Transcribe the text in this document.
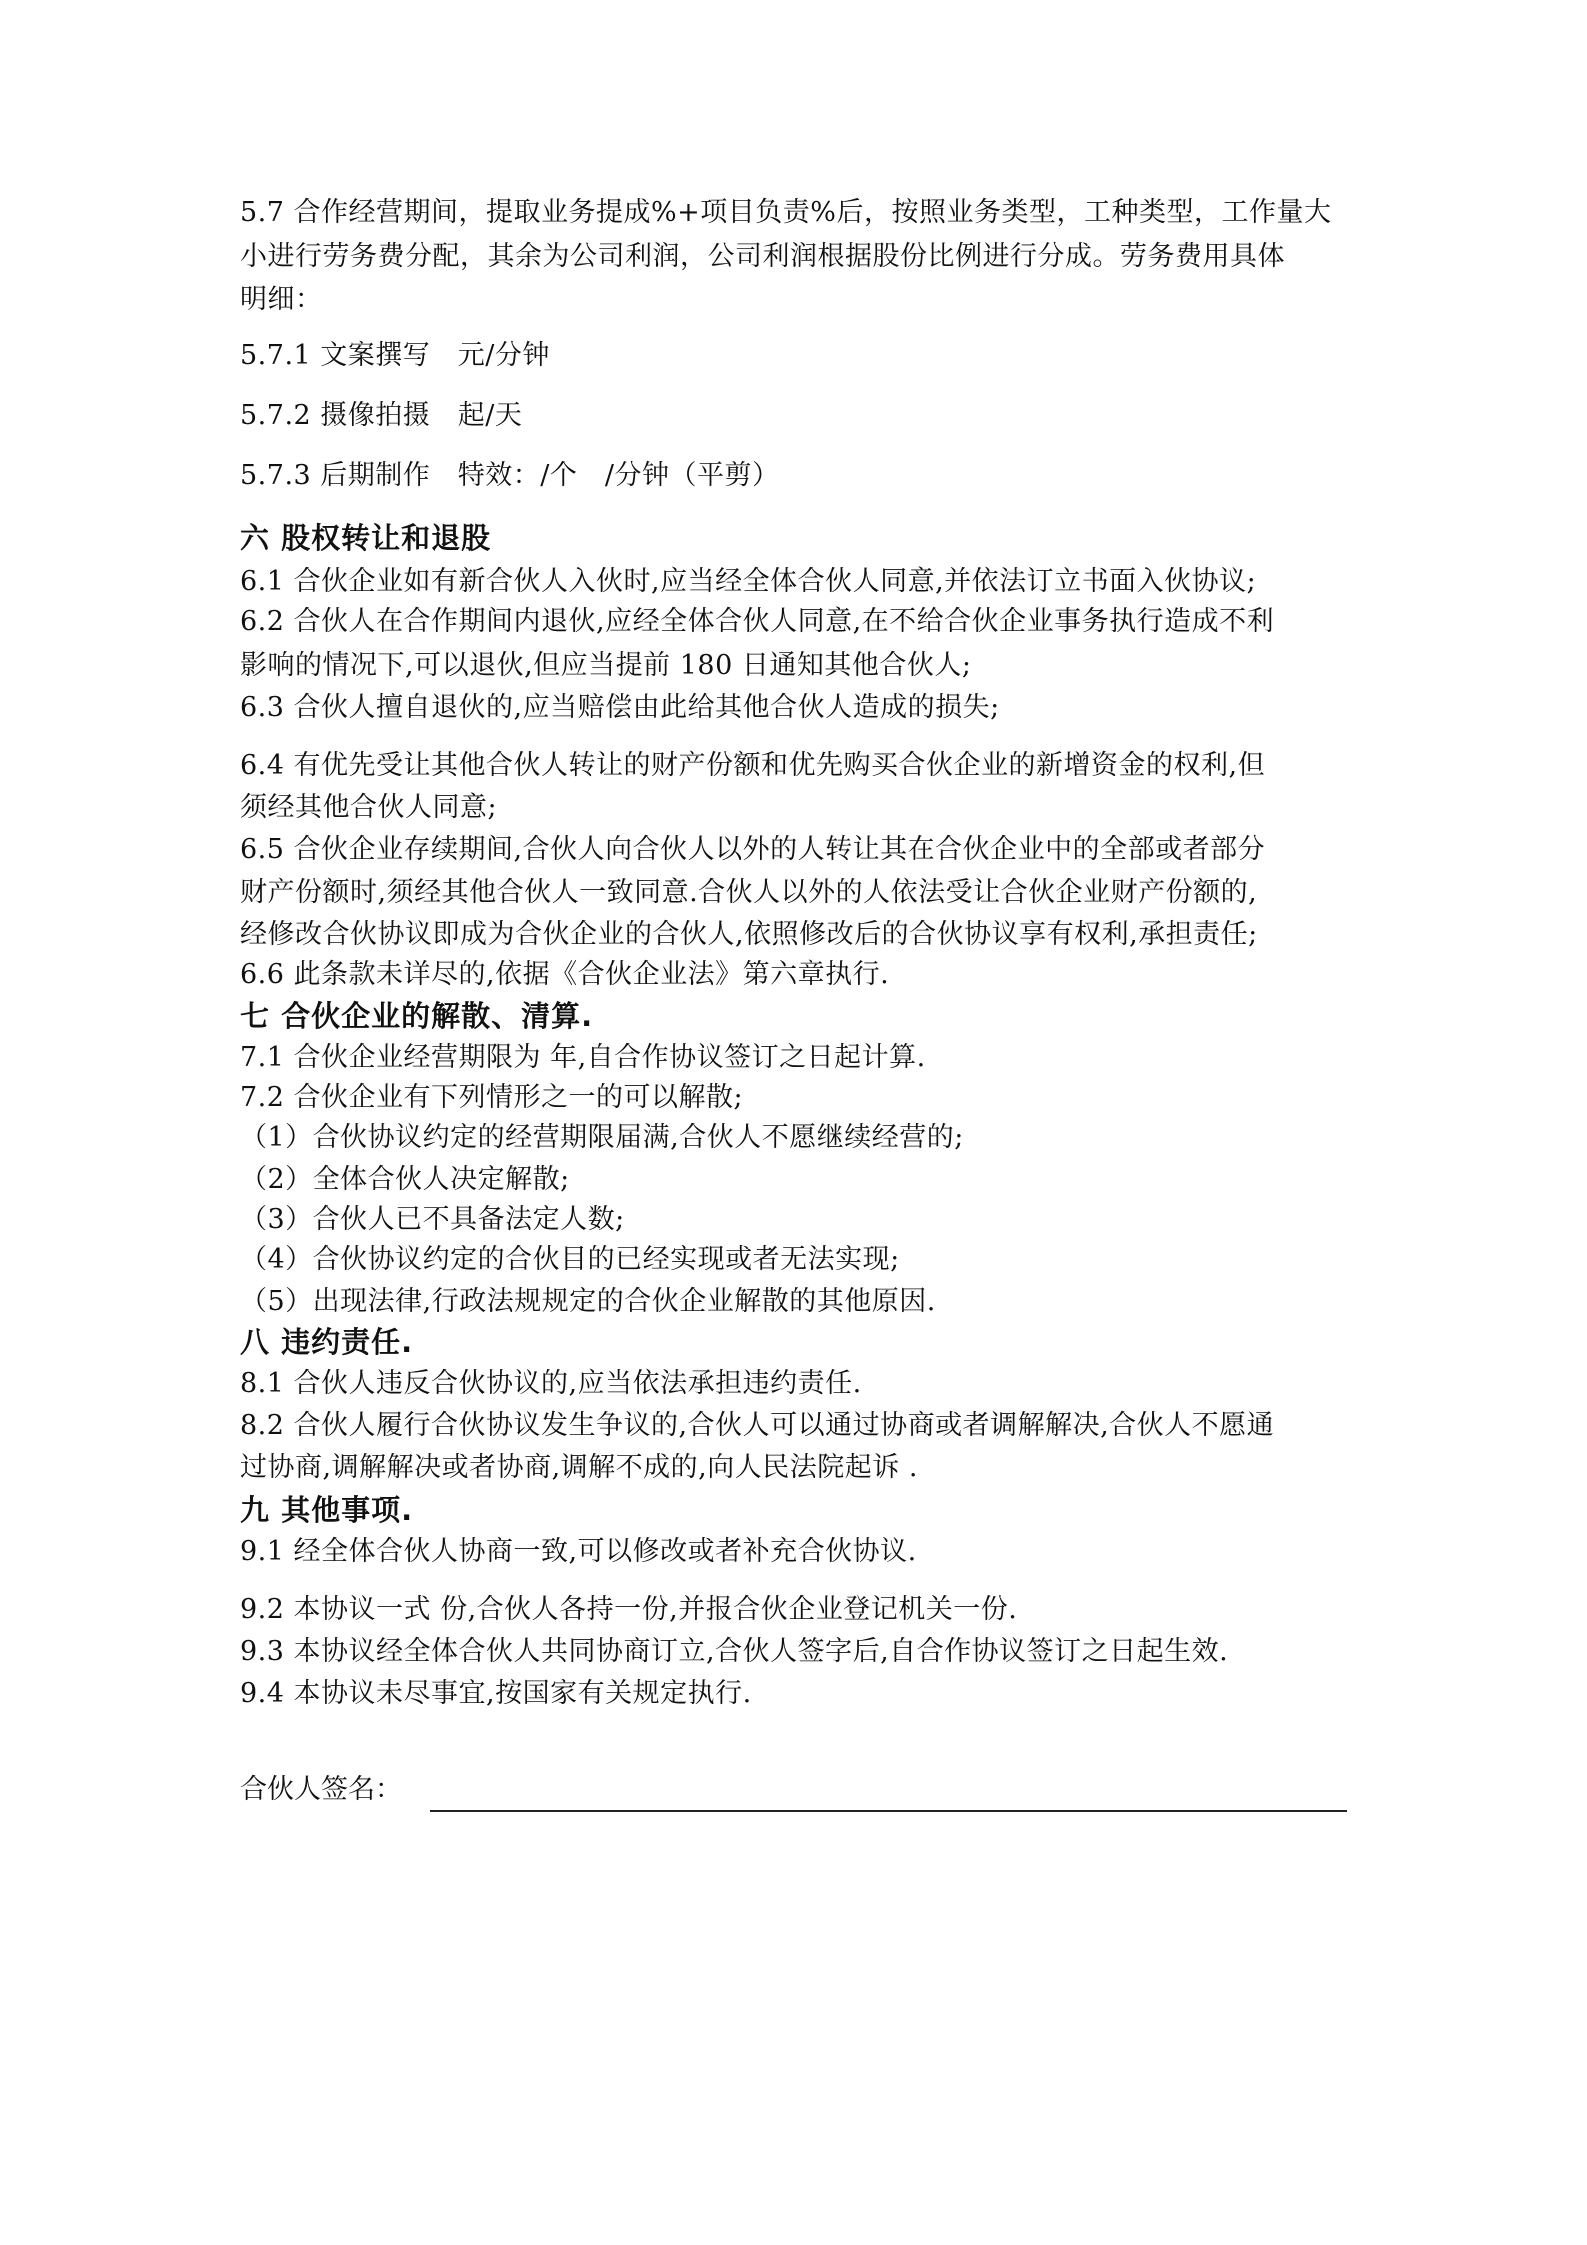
5.7 合作经营期间，提取业务提成%+项目负责%后，按照业务类型，工种类型，工作量大
小进行劳务费分配，其余为公司利润，公司利润根据股份比例进行分成。劳务费用具体
明细：
5.7.1 文案撰写　元/分钟
5.7.2 摄像拍摄　起/天
5.7.3 后期制作　特效：/个　/分钟（平剪）
六 股权转让和退股
6.1 合伙企业如有新合伙人入伙时,应当经全体合伙人同意,并依法订立书面入伙协议;
6.2 合伙人在合作期间内退伙,应经全体合伙人同意,在不给合伙企业事务执行造成不利
影响的情况下,可以退伙,但应当提前 180 日通知其他合伙人;
6.3 合伙人擅自退伙的,应当赔偿由此给其他合伙人造成的损失;
6.4 有优先受让其他合伙人转让的财产份额和优先购买合伙企业的新增资金的权利,但
须经其他合伙人同意;
6.5 合伙企业存续期间,合伙人向合伙人以外的人转让其在合伙企业中的全部或者部分
财产份额时,须经其他合伙人一致同意.合伙人以外的人依法受让合伙企业财产份额的,
经修改合伙协议即成为合伙企业的合伙人,依照修改后的合伙协议享有权利,承担责任;
6.6 此条款未详尽的,依据《合伙企业法》第六章执行.
七 合伙企业的解散、清算.
7.1 合伙企业经营期限为 年,自合作协议签订之日起计算.
7.2 合伙企业有下列情形之一的可以解散;
（1）合伙协议约定的经营期限届满,合伙人不愿继续经营的;
（2）全体合伙人决定解散;
（3）合伙人已不具备法定人数;
（4）合伙协议约定的合伙目的已经实现或者无法实现;
（5）出现法律,行政法规规定的合伙企业解散的其他原因.
八 违约责任.
8.1 合伙人违反合伙协议的,应当依法承担违约责任.
8.2 合伙人履行合伙协议发生争议的,合伙人可以通过协商或者调解解决,合伙人不愿通
过协商,调解解决或者协商,调解不成的,向人民法院起诉 .
九 其他事项.
9.1 经全体合伙人协商一致,可以修改或者补充合伙协议.
9.2 本协议一式 份,合伙人各持一份,并报合伙企业登记机关一份.
9.3 本协议经全体合伙人共同协商订立,合伙人签字后,自合作协议签订之日起生效.
9.4 本协议未尽事宜,按国家有关规定执行.
合伙人签名：
